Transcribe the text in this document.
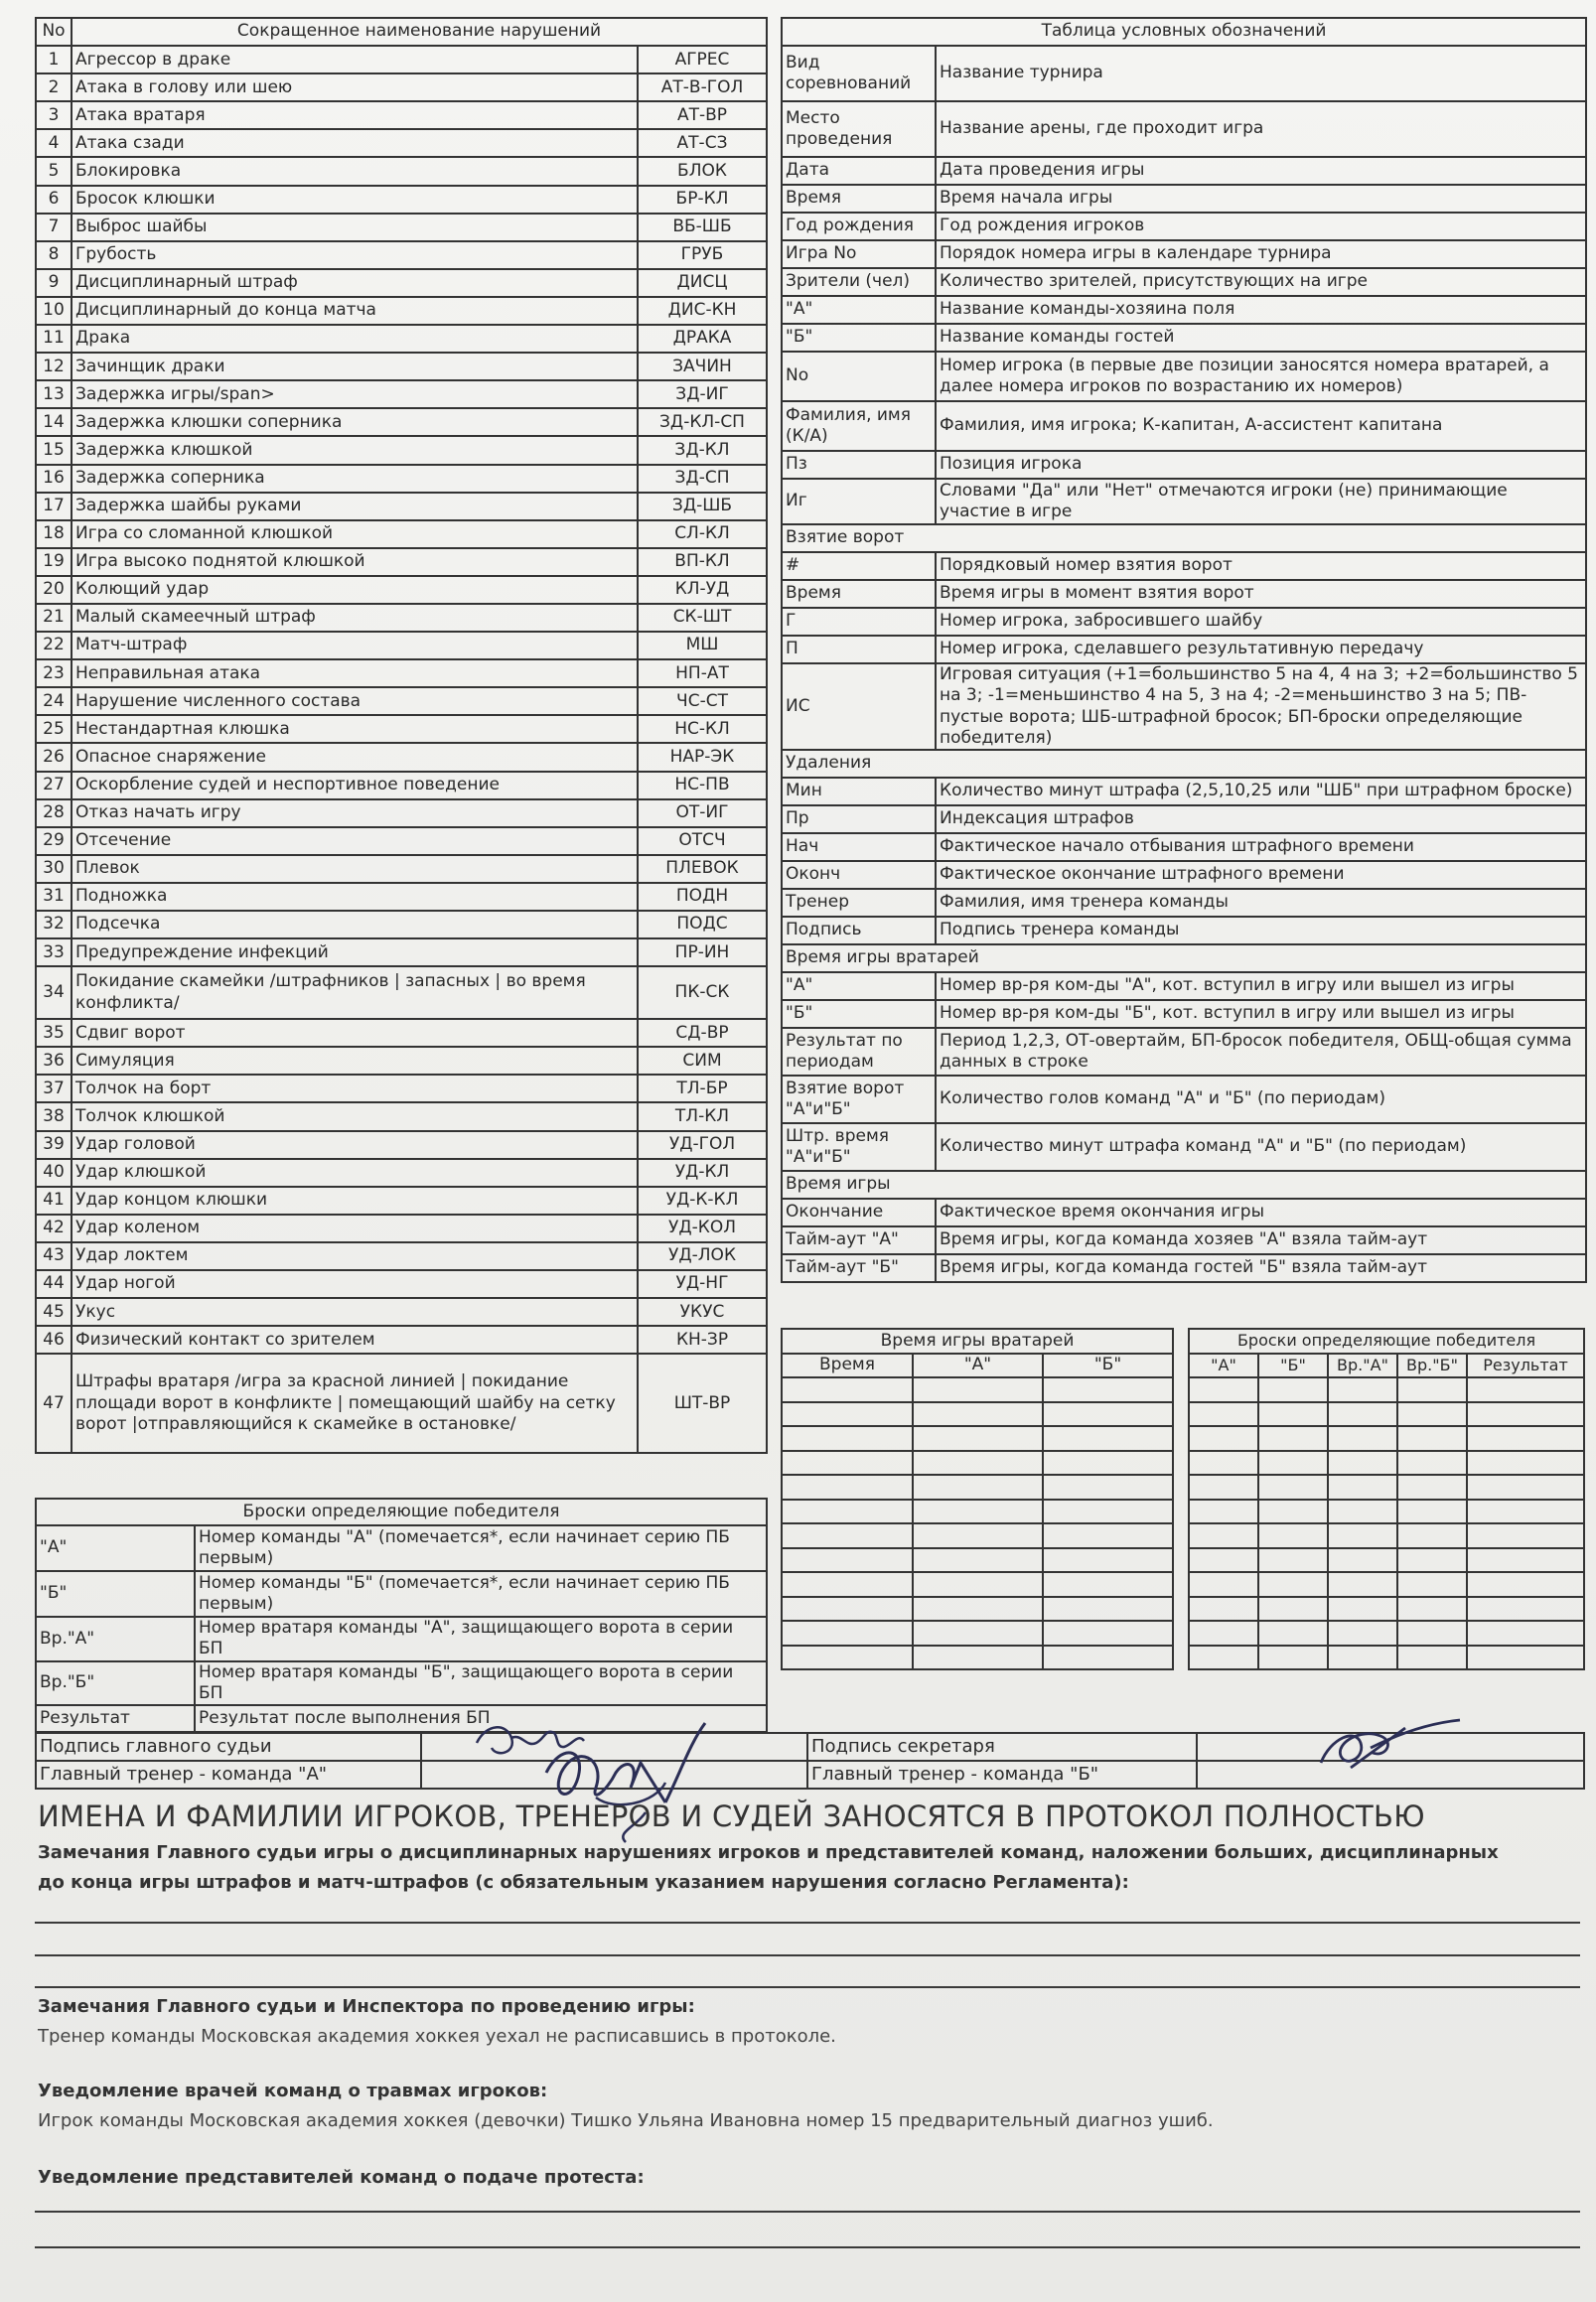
No	Сокращенное наименование нарушений	
1	Агрессор в драке	АГРЕС
2	Атака в голову или шею	АТ-В-ГОЛ
3	Атака вратаря	АТ-ВР
4	Атака сзади	АТ-СЗ
5	Блокировка	БЛОК
6	Бросок клюшки	БР-КЛ
7	Выброс шайбы	ВБ-ШБ
8	Грубость	ГРУБ
9	Дисциплинарный штраф	ДИСЦ
10	Дисциплинарный до конца матча	ДИС-КН
11	Драка	ДРАКА
12	Зачинщик драки	ЗАЧИН
13	Задержка игры/span>	ЗД-ИГ
14	Задержка клюшки соперника	ЗД-КЛ-СП
15	Задержка клюшкой	ЗД-КЛ
16	Задержка соперника	ЗД-СП
17	Задержка шайбы руками	ЗД-ШБ
18	Игра со сломанной клюшкой	СЛ-КЛ
19	Игра высоко поднятой клюшкой	ВП-КЛ
20	Колющий удар	КЛ-УД
21	Малый скамеечный штраф	СК-ШТ
22	Матч-штраф	МШ
23	Неправильная атака	НП-АТ
24	Нарушение численного состава	ЧС-СТ
25	Нестандартная клюшка	НС-КЛ
26	Опасное снаряжение	НАР-ЭК
27	Оскорбление судей и неспортивное поведение	НС-ПВ
28	Отказ начать игру	ОТ-ИГ
29	Отсечение	ОТСЧ
30	Плевок	ПЛЕВОК
31	Подножка	ПОДН
32	Подсечка	ПОДС
33	Предупреждение инфекций	ПР-ИН
34	Покидание скамейки /штрафников | запасных | во время конфликта/	ПК-СК
35	Сдвиг ворот	СД-ВР
36	Симуляция	СИМ
37	Толчок на борт	ТЛ-БР
38	Толчок клюшкой	ТЛ-КЛ
39	Удар головой	УД-ГОЛ
40	Удар клюшкой	УД-КЛ
41	Удар концом клюшки	УД-К-КЛ
42	Удар коленом	УД-КОЛ
43	Удар локтем	УД-ЛОК
44	Удар ногой	УД-НГ
45	Укус	УКУС
46	Физический контакт со зрителем	КН-ЗР
47	Штрафы вратаря /игра за красной линией | покидание площади ворот в конфликте | помещающий шайбу на сетку ворот |отправляющийся к скамейке в остановке/	ШТ-ВР
Таблица условных обозначений	
Вид соревнований	Название турнира
Место проведения	Название арены, где проходит игра
Дата	Дата проведения игры
Время	Время начала игры
Год рождения	Год рождения игроков
Игра No	Порядок номера игры в календаре турнира
Зрители (чел)	Количество зрителей, присутствующих на игре
"А"	Название команды-хозяина поля
"Б"	Название команды гостей
No	Номер игрока (в первые две позиции заносятся номера вратарей, а далее номера игроков по возрастанию их номеров)
Фамилия, имя (К/А)	Фамилия, имя игрока; К-капитан, А-ассистент капитана
Пз	Позиция игрока
Иг	Словами "Да" или "Нет" отмечаются игроки (не) принимающие участие в игре
Взятие ворот	
#	Порядковый номер взятия ворот
Время	Время игры в момент взятия ворот
Г	Номер игрока, забросившего шайбу
П	Номер игрока, сделавшего результативную передачу
ИС	Игровая ситуация (+1=большинство 5 на 4, 4 на 3; +2=большинство 5 на 3; -1=меньшинство 4 на 5, 3 на 4; -2=меньшинство 3 на 5; ПВ- пустые ворота; ШБ-штрафной бросок; БП-броски определяющие победителя)
Удаления	
Мин	Количество минут штрафа (2,5,10,25 или "ШБ" при штрафном броске)
Пр	Индексация штрафов
Нач	Фактическое начало отбывания штрафного времени
Оконч	Фактическое окончание штрафного времени
Тренер	Фамилия, имя тренера команды
Подпись	Подпись тренера команды
Время игры вратарей	
"А"	Номер вр-ря ком-ды "А", кот. вступил в игру или вышел из игры
"Б"	Номер вр-ря ком-ды "Б", кот. вступил в игру или вышел из игры
Результат по периодам	Период 1,2,3, ОТ-овертайм, БП-бросок победителя, ОБЩ-общая сумма данных в строке
Взятие ворот "А"и"Б"	Количество голов команд "А" и "Б" (по периодам)
Штр. время "А"и"Б"	Количество минут штрафа команд "А" и "Б" (по периодам)
Время игры	
Окончание	Фактическое время окончания игры
Тайм-аут "А"	Время игры, когда команда хозяев "А" взяла тайм-аут
Тайм-аут "Б"	Время игры, когда команда гостей "Б" взяла тайм-аут
Время игры вратарей		
Время	"А"	"Б"

Броски определяющие победителя				
"А"	"Б"	Вр."А"	Вр."Б"	Результат

Броски определяющие победителя	
"А"	Номер команды "А" (помечается*, если начинает серию ПБ первым)
"Б"	Номер команды "Б" (помечается*, если начинает серию ПБ первым)
Вр."А"	Номер вратаря команды "А", защищающего ворота в серии БП
Вр."Б"	Номер вратаря команды "Б", защищающего ворота в серии БП
Результат	Результат после выполнения БП
Подпись главного судьи		Подпись секретаря	
Главный тренер - команда "А"		Главный тренер - команда "Б"	
ИМЕНА И ФАМИЛИИ ИГРОКОВ, ТРЕНЕРОВ И СУДЕЙ ЗАНОСЯТСЯ В ПРОТОКОЛ ПОЛНОСТЬЮ
Замечания Главного судьи игры о дисциплинарных нарушениях игроков и представителей команд, наложении больших, дисциплинарных
до конца игры штрафов и матч-штрафов (с обязательным указанием нарушения согласно Регламента):
Замечания Главного судьи и Инспектора по проведению игры:
Тренер команды Московская академия хоккея уехал не расписавшись в протоколе.
Уведомление врачей команд о травмах игроков:
Игрок команды Московская академия хоккея (девочки) Тишко Ульяна Ивановна номер 15 предварительный диагноз ушиб.
Уведомление представителей команд о подаче протеста:
